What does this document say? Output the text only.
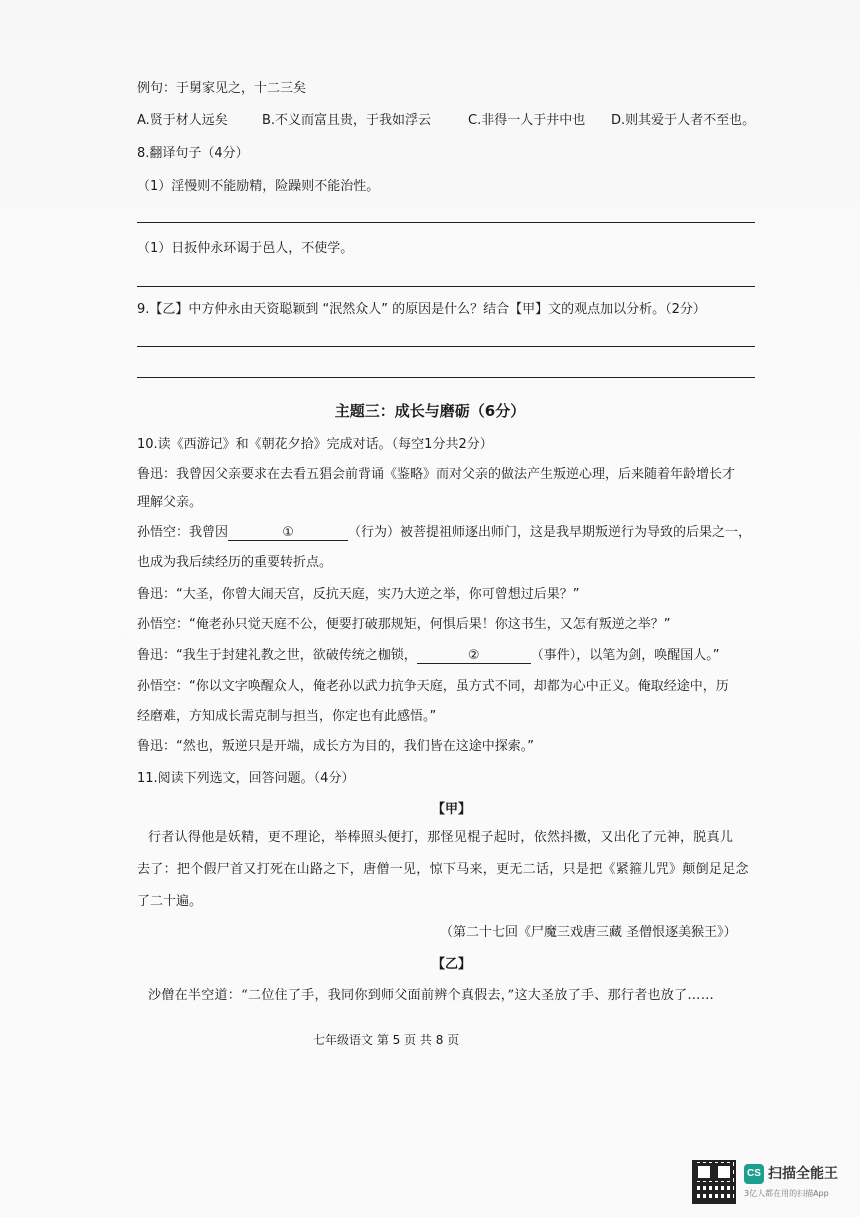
例句：于舅家见之，十二三矣
A.贤于材人远矣	B.不义而富且贵，于我如浮云	C.非得一人于井中也 D.则其爱于人者不至也。
8.翻译句子（4分）
（1）淫慢则不能励精，险躁则不能治性。
（1）日扳仲永环谒于邑人，不使学。
9.【乙】中方仲永由天资聪颖到 “泯然众人” 的原因是什么？结合【甲】文的观点加以分析。（2分）
主题三：成长与磨砺（6分）
10.读《西游记》和《朝花夕拾》完成对话。（每空1分共2分）
鲁迅：我曾因父亲要求在去看五猖会前背诵《鉴略》而对父亲的做法产生叛逆心理，后来随着年龄增长才
理解父亲。
孙悟空：我曾因	①	（行为）被菩提祖师逐出师门，这是我早期叛逆行为导致的后果之一，
也成为我后续经历的重要转折点。
鲁迅：“大圣，你曾大闹天宫，反抗天庭，实乃大逆之举，你可曾想过后果？”
孙悟空：“俺老孙只觉天庭不公，便要打破那规矩，何惧后果！你这书生，又怎有叛逆之举？”
鲁迅：“我生于封建礼教之世，欲破传统之枷锁，	②	（事件），以笔为剑，唤醒国人。”
孙悟空：“你以文字唤醒众人，俺老孙以武力抗争天庭，虽方式不同，却都为心中正义。俺取经途中，历
经磨难，方知成长需克制与担当，你定也有此感悟。”
鲁迅：“然也，叛逆只是开端，成长方为目的，我们皆在这途中探索。”
11.阅读下列选文，回答问题。（4分）
【甲】
行者认得他是妖精，更不理论，举棒照头便打，那怪见棍子起时，依然抖擞，又出化了元神，脱真儿
去了：把个假尸首又打死在山路之下，唐僧一见，惊下马来，更无二话，只是把《紧箍儿咒》颠倒足足念
了二十遍。
（第二十七回《尸魔三戏唐三藏 圣僧恨逐美猴王》）
【乙】
沙僧在半空道：“二位住了手，我同你到师父面前辨个真假去，”这大圣放了手、那行者也放了……
七年级语文 第 5 页 共 8 页
CS 扫描全能王
3亿人都在用的扫描App
